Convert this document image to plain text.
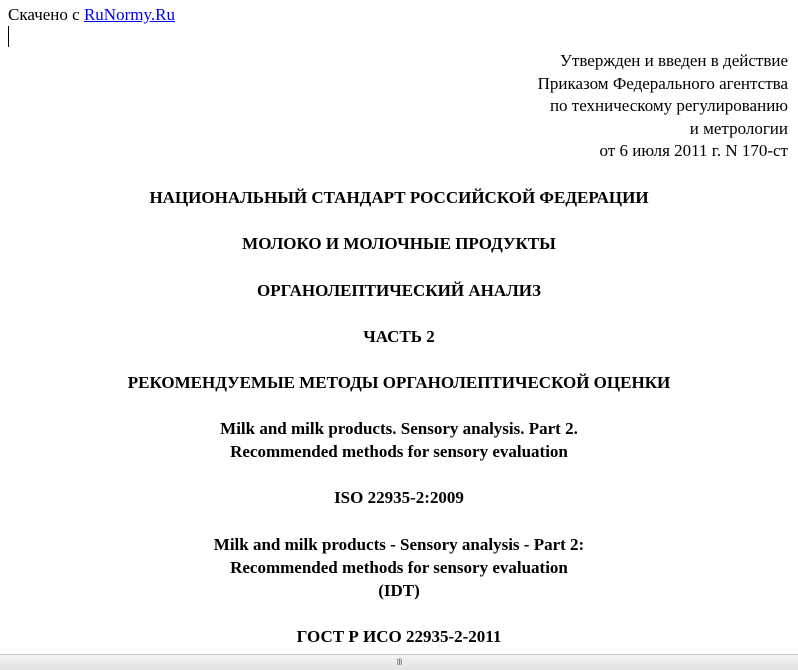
Скачено с RuNormy.Ru
Утвержден и введен в действие
Приказом Федерального агентства
по техническому регулированию
и метрологии
от 6 июля 2011 г. N 170-ст
НАЦИОНАЛЬНЫЙ СТАНДАРТ РОССИЙСКОЙ ФЕДЕРАЦИИ
МОЛОКО И МОЛОЧНЫЕ ПРОДУКТЫ
ОРГАНОЛЕПТИЧЕСКИЙ АНАЛИЗ
ЧАСТЬ 2
РЕКОМЕНДУЕМЫЕ МЕТОДЫ ОРГАНОЛЕПТИЧЕСКОЙ ОЦЕНКИ
Milk and milk products. Sensory analysis. Part 2.
Recommended methods for sensory evaluation
ISO 22935-2:2009
Milk and milk products - Sensory analysis - Part 2:
Recommended methods for sensory evaluation
(IDT)
ГОСТ Р ИСО 22935-2-2011
III
